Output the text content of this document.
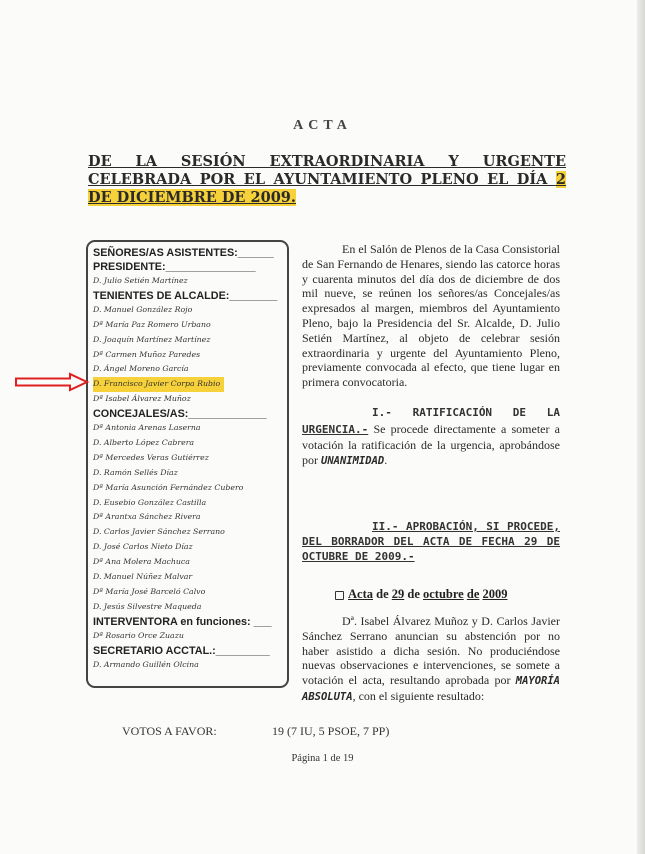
ACTA
DE LA SESIÓN EXTRAORDINARIA Y URGENTE CELEBRADA POR EL AYUNTAMIENTO PLENO EL DÍA 2 DE DICIEMBRE DE 2009.
SEÑORES/AS ASISTENTES:______
PRESIDENTE:_______________
D. Julio Setién Martínez
TENIENTES DE ALCALDE:________
D. Manuel González Rojo
Dª María Paz Romero Urbano
D. Joaquín Martínez Martínez
Dª Carmen Muñoz Paredes
D. Ángel Moreno García
D. Francisco Javier Corpa Rubio
Dª Isabel Álvarez Muñoz
CONCEJALES/AS:_____________
Dª Antonia Arenas Laserna
D. Alberto López Cabrera
Dª Mercedes Veras Gutiérrez
D. Ramón Sellés Díaz
Dª María Asunción Fernández Cubero
D. Eusebio González Castilla
Dª Arantxa Sánchez Rivera
D. Carlos Javier Sánchez Serrano
D. José Carlos Nieto Díaz
Dª Ana Molera Machuca
D. Manuel Núñez Malvar
Dª María José Barceló Calvo
D. Jesús Silvestre Maqueda
INTERVENTORA en funciones: ___
Dª Rosario Orce Zuazu
SECRETARIO ACCTAL.:_________
D. Armando Guillén Olcina
En el Salón de Plenos de la Casa Consistorial de San Fernando de Henares, siendo las catorce horas y cuarenta minutos del día dos de diciembre de dos mil nueve, se reúnen los señores/as Concejales/as expresados al margen, miembros del Ayuntamiento Pleno, bajo la Presidencia del Sr. Alcalde, D. Julio Setién Martínez, al objeto de celebrar sesión extraordinaria y urgente del Ayuntamiento Pleno, previamente convocada al efecto, que tiene lugar en primera convocatoria.
I.- RATIFICACIÓN DE LA
URGENCIA.- Se procede directamente a someter a votación la ratificación de la urgencia, aprobándose por UNANIMIDAD.
II.- APROBACIÓN, SI PROCEDE, DEL BORRADOR DEL ACTA DE FECHA 29 DE OCTUBRE DE 2009.-
Acta de 29 de octubre de 2009
Dª. Isabel Álvarez Muñoz y D. Carlos Javier Sánchez Serrano anuncian su abstención por no haber asistido a dicha sesión. No produciéndose nuevas observaciones e intervenciones, se somete a votación el acta, resultando aprobada por MAYORÍA ABSOLUTA, con el siguiente resultado:
VOTOS A FAVOR:	19 (7 IU, 5 PSOE, 7 PP)
Página 1 de 19
